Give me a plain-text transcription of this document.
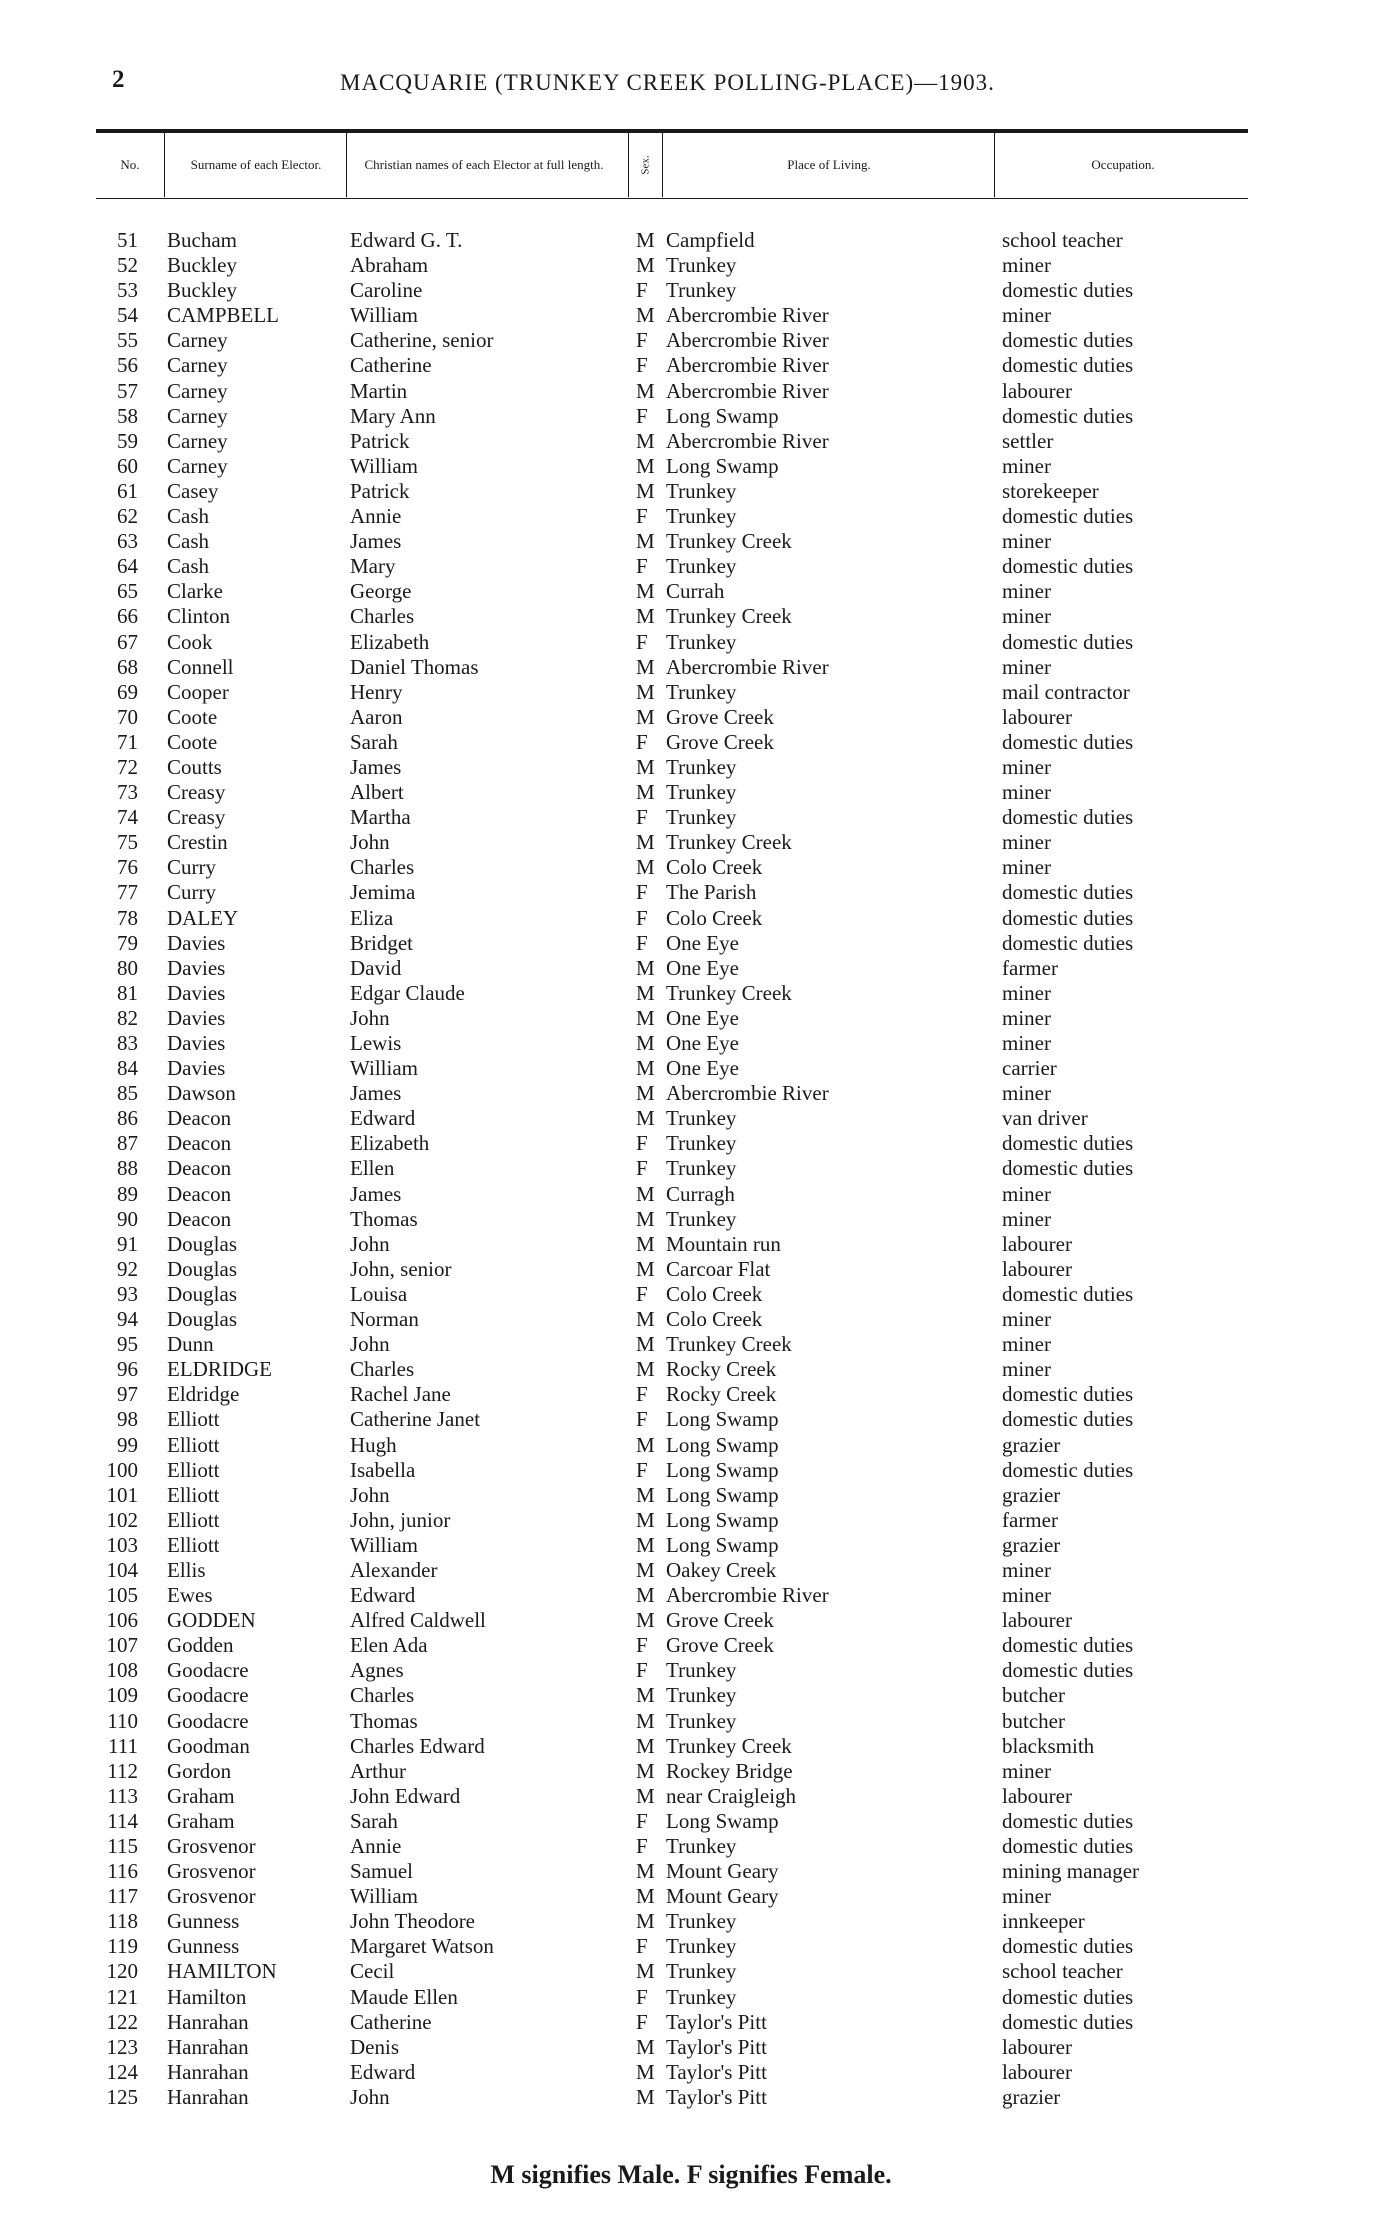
2	MACQUARIE (TRUNKEY CREEK POLLING-PLACE)—1903.
No.	Surname of each Elector.	Christian names of each Elector at full length.	Sex.	Place of Living.	Occupation.
51 Bucham	Edward G. T.	M Campfield	school teacher
52 Buckley	Abraham	M Trunkey	miner
53 Buckley	Caroline	F Trunkey	domestic duties
54 CAMPBELL	William	M Abercrombie River	miner
55 Carney	Catherine, senior	F Abercrombie River	domestic duties
56 Carney	Catherine	F Abercrombie River	domestic duties
57 Carney	Martin	M Abercrombie River	labourer
58 Carney	Mary Ann	F Long Swamp	domestic duties
59 Carney	Patrick	M Abercrombie River	settler
60 Carney	William	M Long Swamp	miner
61 Casey	Patrick	M Trunkey	storekeeper
62 Cash	Annie	F Trunkey	domestic duties
63 Cash	James	M Trunkey Creek	miner
64 Cash	Mary	F Trunkey	domestic duties
65 Clarke	George	M Currah	miner
66 Clinton	Charles	M Trunkey Creek	miner
67 Cook	Elizabeth	F Trunkey	domestic duties
68 Connell	Daniel Thomas	M Abercrombie River	miner
69 Cooper	Henry	M Trunkey	mail contractor
70 Coote	Aaron	M Grove Creek	labourer
71 Coote	Sarah	F Grove Creek	domestic duties
72 Coutts	James	M Trunkey	miner
73 Creasy	Albert	M Trunkey	miner
74 Creasy	Martha	F Trunkey	domestic duties
75 Crestin	John	M Trunkey Creek	miner
76 Curry	Charles	M Colo Creek	miner
77 Curry	Jemima	F The Parish	domestic duties
78 DALEY	Eliza	F Colo Creek	domestic duties
79 Davies	Bridget	F One Eye	domestic duties
80 Davies	David	M One Eye	farmer
81 Davies	Edgar Claude	M Trunkey Creek	miner
82 Davies	John	M One Eye	miner
83 Davies	Lewis	M One Eye	miner
84 Davies	William	M One Eye	carrier
85 Dawson	James	M Abercrombie River	miner
86 Deacon	Edward	M Trunkey	van driver
87 Deacon	Elizabeth	F Trunkey	domestic duties
88 Deacon	Ellen	F Trunkey	domestic duties
89 Deacon	James	M Curragh	miner
90 Deacon	Thomas	M Trunkey	miner
91 Douglas	John	M Mountain run	labourer
92 Douglas	John, senior	M Carcoar Flat	labourer
93 Douglas	Louisa	F Colo Creek	domestic duties
94 Douglas	Norman	M Colo Creek	miner
95 Dunn	John	M Trunkey Creek	miner
96 ELDRIDGE	Charles	M Rocky Creek	miner
97 Eldridge	Rachel Jane	F Rocky Creek	domestic duties
98 Elliott	Catherine Janet	F Long Swamp	domestic duties
99 Elliott	Hugh	M Long Swamp	grazier
100 Elliott	Isabella	F Long Swamp	domestic duties
101 Elliott	John	M Long Swamp	grazier
102 Elliott	John, junior	M Long Swamp	farmer
103 Elliott	William	M Long Swamp	grazier
104 Ellis	Alexander	M Oakey Creek	miner
105 Ewes	Edward	M Abercrombie River	miner
106 GODDEN	Alfred Caldwell	M Grove Creek	labourer
107 Godden	Elen Ada	F Grove Creek	domestic duties
108 Goodacre	Agnes	F Trunkey	domestic duties
109 Goodacre	Charles	M Trunkey	butcher
110 Goodacre	Thomas	M Trunkey	butcher
111 Goodman	Charles Edward	M Trunkey Creek	blacksmith
112 Gordon	Arthur	M Rockey Bridge	miner
113 Graham	John Edward	M near Craigleigh	labourer
114 Graham	Sarah	F Long Swamp	domestic duties
115 Grosvenor	Annie	F Trunkey	domestic duties
116 Grosvenor	Samuel	M Mount Geary	mining manager
117 Grosvenor	William	M Mount Geary	miner
118 Gunness	John Theodore	M Trunkey	innkeeper
119 Gunness	Margaret Watson	F Trunkey	domestic duties
120 HAMILTON	Cecil	M Trunkey	school teacher
121 Hamilton	Maude Ellen	F Trunkey	domestic duties
122 Hanrahan	Catherine	F Taylor's Pitt	domestic duties
123 Hanrahan	Denis	M Taylor's Pitt	labourer
124 Hanrahan	Edward	M Taylor's Pitt	labourer
125 Hanrahan	John	M Taylor's Pitt	grazier
M signifies Male. F signifies Female.
